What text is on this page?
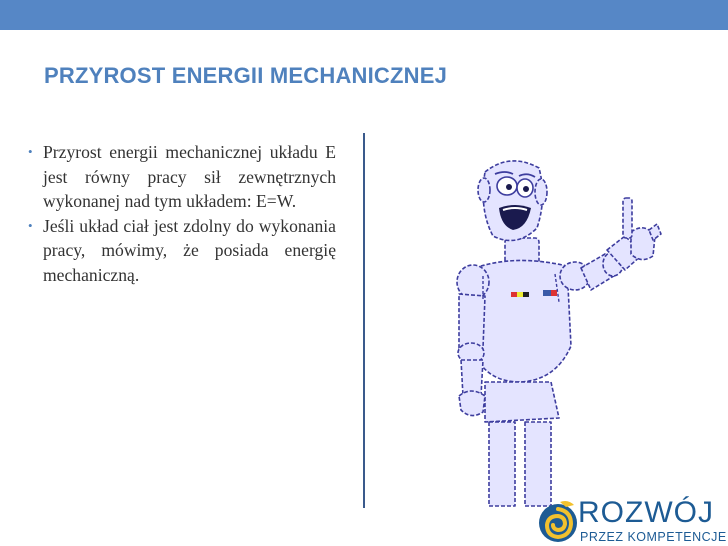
PRZYROST ENERGII MECHANICZNEJ
• Przyrost energii mechanicznej układu E jest równy pracy sił zewnętrznych wykonanej nad tym układem: E=W.
• Jeśli układ ciał jest zdolny do wykonania pracy, mówimy, że posiada energię mechaniczną.
ROZWÓJ
PRZEZ KOMPETENCJE
